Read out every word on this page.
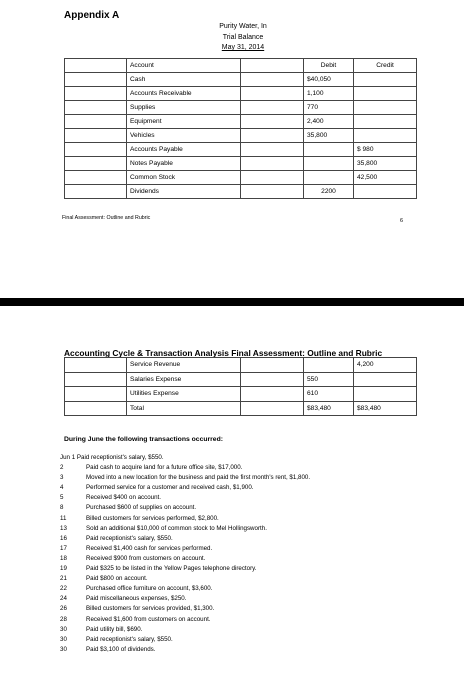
Appendix A
Purity Water, In
Trial Balance
May 31, 2014
	Account		Debit	Credit
	Cash		$40,050	
	Accounts Receivable		1,100	
	Supplies		770	
	Equipment		2,400	
	Vehicles		35,800	
	Accounts Payable			$ 980
	Notes Payable			35,800
	Common Stock			42,500
	Dividends		2200	
Final Assessment: Outline and Rubric	6
Accounting Cycle & Transaction Analysis Final Assessment: Outline and Rubric
	Service Revenue			4,200
	Salaries Expense		550	
	Utilities Expense		610	
	Total		$83,480	$83,480
During June the following transactions occurred:
Jun 1 Paid receptionist's salary, $550.
2	Paid cash to acquire land for a future office site, $17,000.
3	Moved into a new location for the business and paid the first month's rent, $1,800.
4	Performed service for a customer and received cash, $1,900.
5	Received $400 on account.
8	Purchased $600 of supplies on account.
11	Billed customers for services performed, $2,800.
13	Sold an additional $10,000 of common stock to Mel Hollingsworth.
16	Paid receptionist's salary, $550.
17	Received $1,400 cash for services performed.
18	Received $900 from customers on account.
19	Paid $325 to be listed in the Yellow Pages telephone directory.
21	Paid $800 on account.
22	Purchased office furniture on account, $3,600.
24	Paid miscellaneous expenses, $250.
26	Billed customers for services provided, $1,300.
28	Received $1,600 from customers on account.
30	Paid utility bill, $690.
30	Paid receptionist's salary, $550.
30	Paid $3,100 of dividends.
